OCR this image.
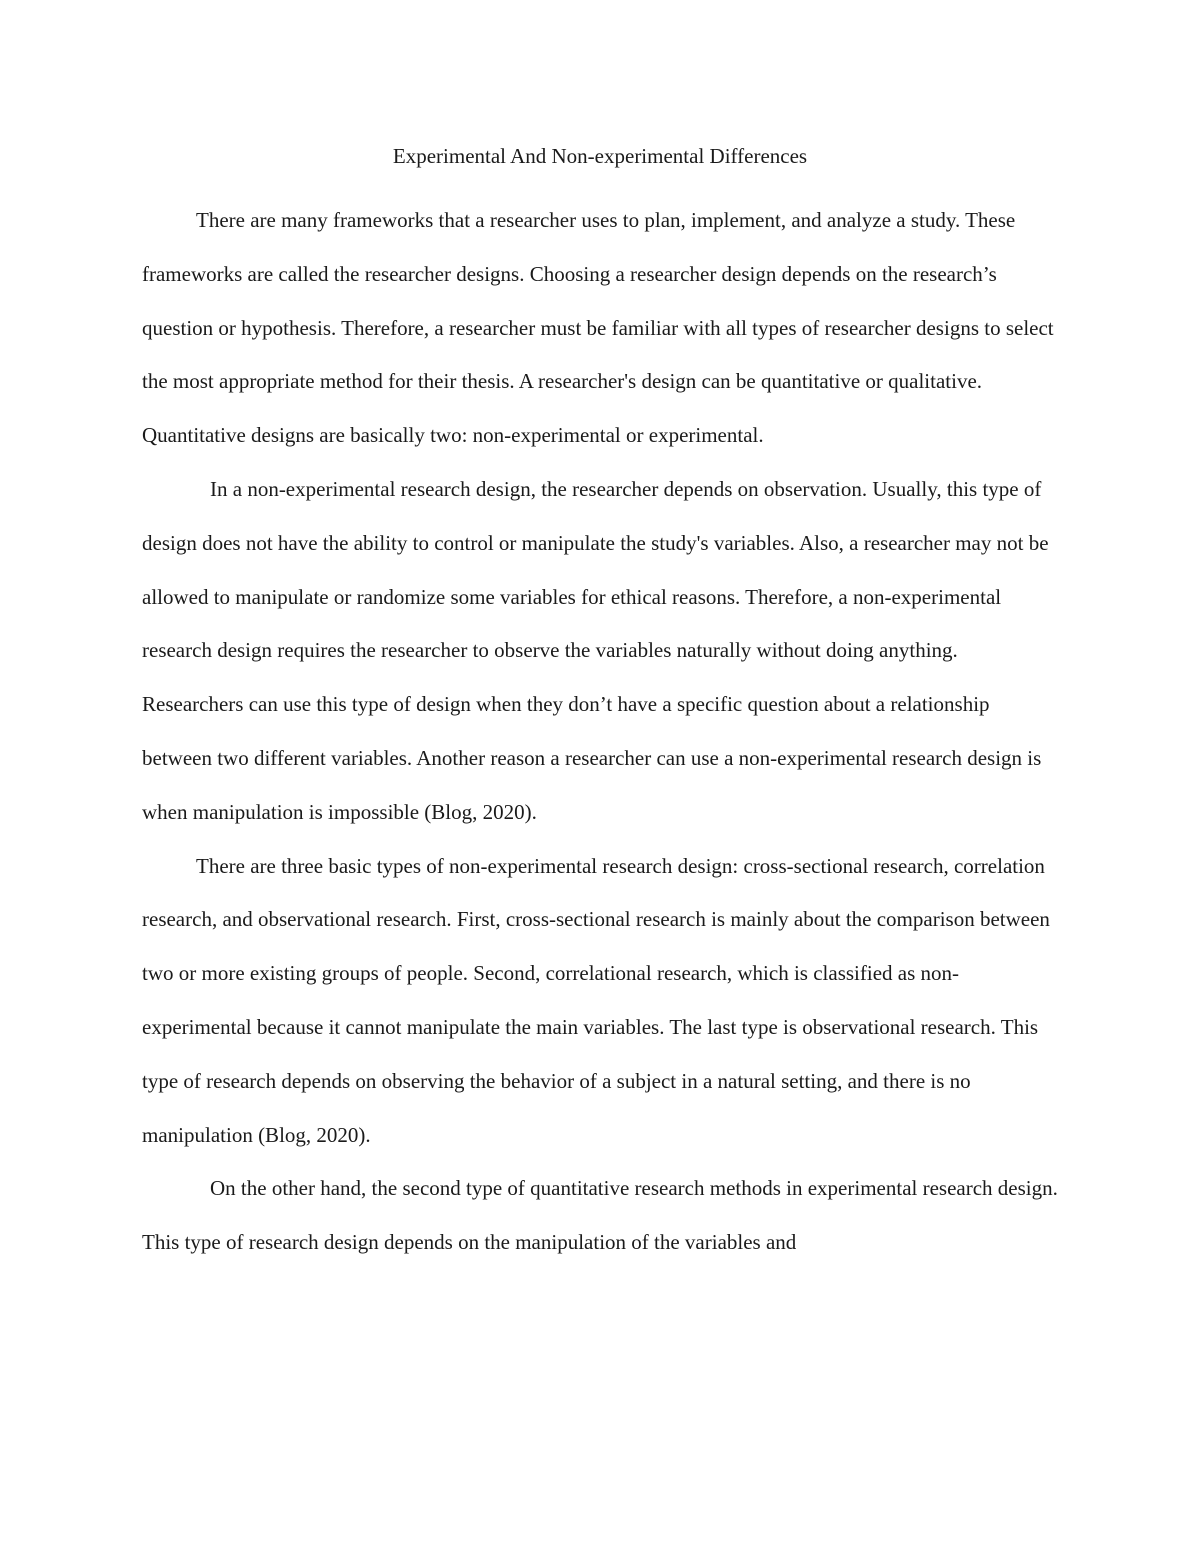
Experimental And Non-experimental Differences

There are many frameworks that a researcher uses to plan, implement, and analyze a study. These frameworks are called the researcher designs. Choosing a researcher design depends on the research’s question or hypothesis. Therefore, a researcher must be familiar with all types of researcher designs to select the most appropriate method for their thesis. A researcher's design can be quantitative or qualitative. Quantitative designs are basically two: non-experimental or experimental.

In a non-experimental research design, the researcher depends on observation. Usually, this type of design does not have the ability to control or manipulate the study's variables. Also, a researcher may not be allowed to manipulate or randomize some variables for ethical reasons. Therefore, a non-experimental research design requires the researcher to observe the variables naturally without doing anything. Researchers can use this type of design when they don’t have a specific question about a relationship between two different variables. Another reason a researcher can use a non-experimental research design is when manipulation is impossible (Blog, 2020).

There are three basic types of non-experimental research design: cross-sectional research, correlation research, and observational research. First, cross-sectional research is mainly about the comparison between two or more existing groups of people. Second, correlational research, which is classified as non-experimental because it cannot manipulate the main variables. The last type is observational research. This type of research depends on observing the behavior of a subject in a natural setting, and there is no manipulation (Blog, 2020).

On the other hand, the second type of quantitative research methods in experimental research design. This type of research design depends on the manipulation of the variables and
